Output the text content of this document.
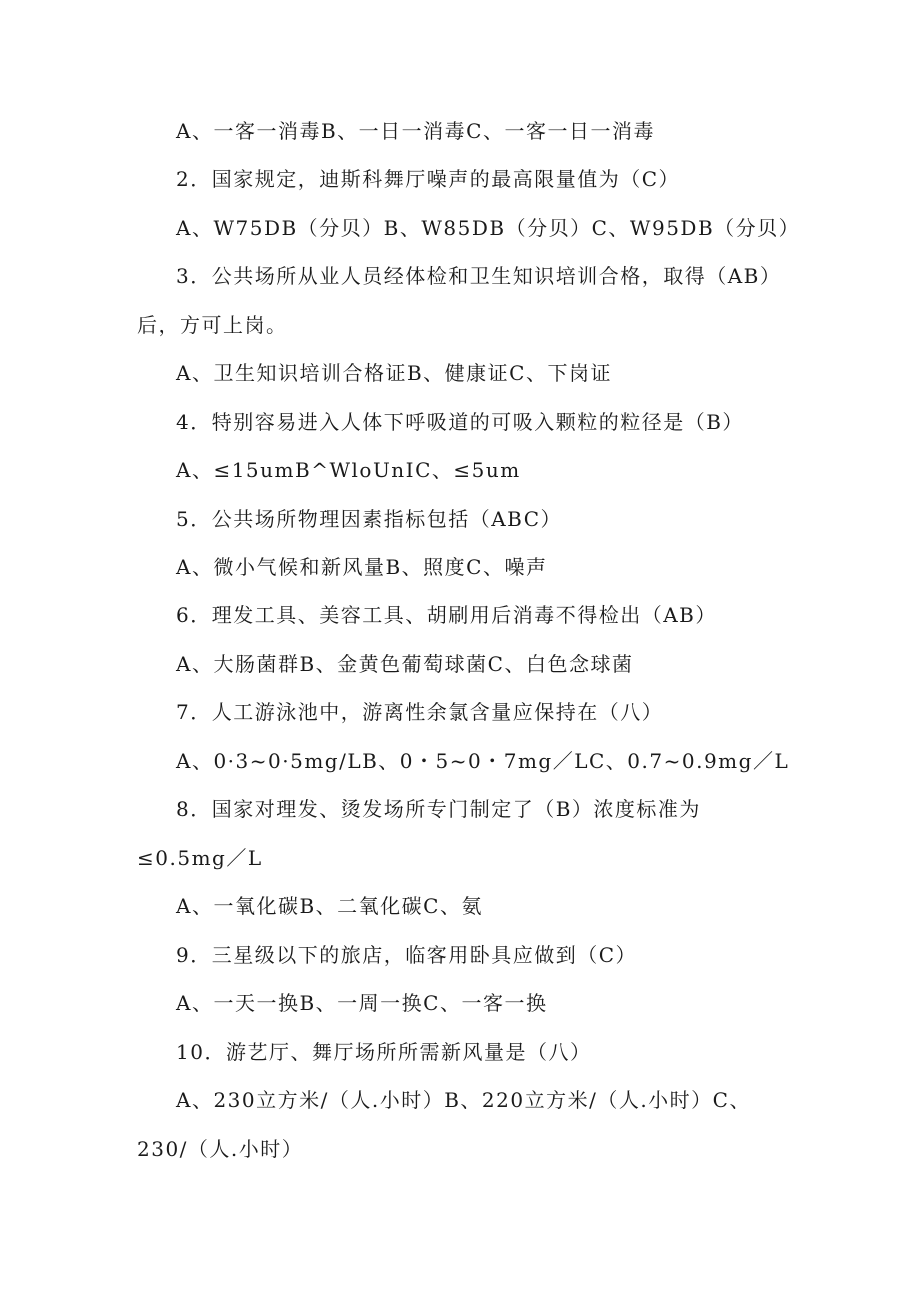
A、一客一消毒B、一日一消毒C、一客一日一消毒
2．国家规定，迪斯科舞厅噪声的最高限量值为（C）
A、W75DB（分贝）B、W85DB（分贝）C、W95DB（分贝）
3．公共场所从业人员经体检和卫生知识培训合格，取得（AB）
后，方可上岗。
A、卫生知识培训合格证B、健康证C、下岗证
4．特别容易进入人体下呼吸道的可吸入颗粒的粒径是（B）
A、≤15umB^WloUnIC、≤5um
5．公共场所物理因素指标包括（ABC）
A、微小气候和新风量B、照度C、噪声
6．理发工具、美容工具、胡刷用后消毒不得检出（AB）
A、大肠菌群B、金黄色葡萄球菌C、白色念球菌
7．人工游泳池中，游离性余氯含量应保持在（八）
A、0·3~0·5mg/LB、0・5~0・7mg／LC、0.7~0.9mg／L
8．国家对理发、烫发场所专门制定了（B）浓度标准为
≤0.5mg／L
A、一氧化碳B、二氧化碳C、氨
9．三星级以下的旅店，临客用卧具应做到（C）
A、一天一换B、一周一换C、一客一换
10．游艺厅、舞厅场所所需新风量是（八）
A、230立方米/（人.小时）B、220立方米/（人.小时）C、
230/（人.小时）
